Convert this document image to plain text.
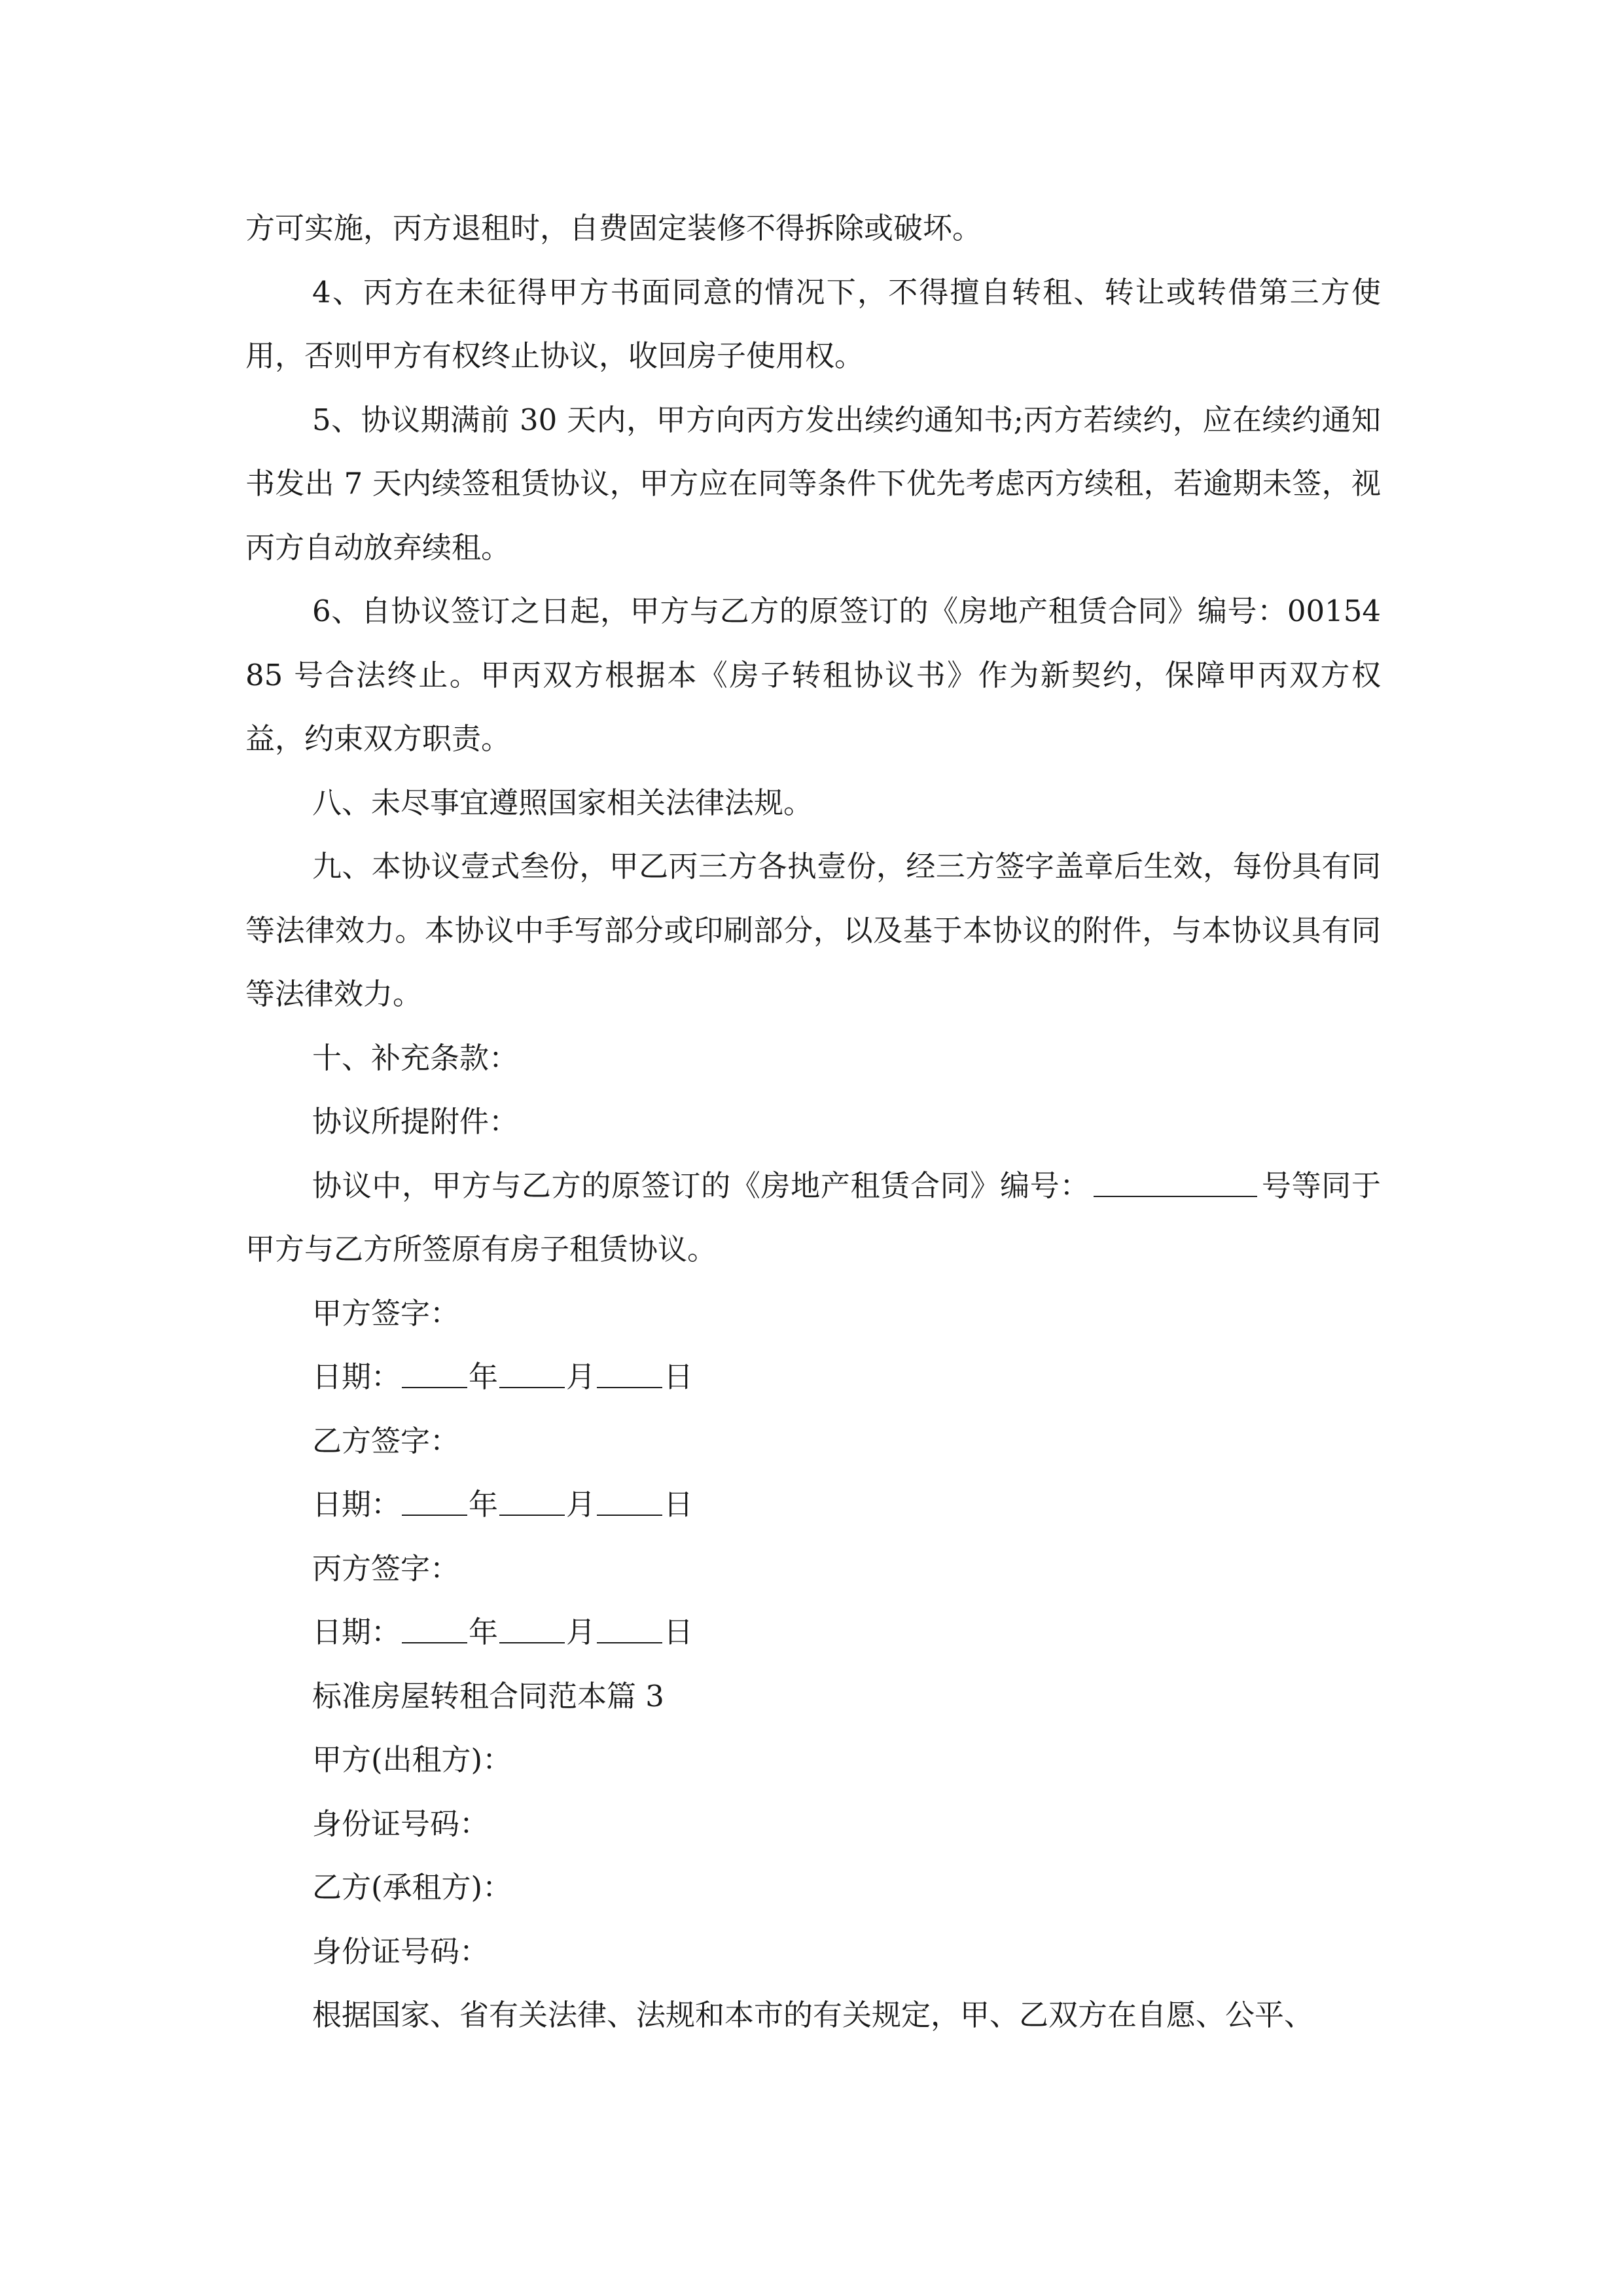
方可实施，丙方退租时，自费固定装修不得拆除或破坏。

4、丙方在未征得甲方书面同意的情况下，不得擅自转租、转让或转借第三方使用，否则甲方有权终止协议，收回房子使用权。

5、协议期满前 30 天内，甲方向丙方发出续约通知书;丙方若续约，应在续约通知书发出 7 天内续签租赁协议，甲方应在同等条件下优先考虑丙方续租，若逾期未签，视丙方自动放弃续租。

6、自协议签订之日起，甲方与乙方的原签订的《房地产租赁合同》编号：0015485 号合法终止。甲丙双方根据本《房子转租协议书》作为新契约，保障甲丙双方权益，约束双方职责。

八、未尽事宜遵照国家相关法律法规。

九、本协议壹式叁份，甲乙丙三方各执壹份，经三方签字盖章后生效，每份具有同等法律效力。本协议中手写部分或印刷部分，以及基于本协议的附件，与本协议具有同等法律效力。

十、补充条款：

协议所提附件：

协议中，甲方与乙方的原签订的《房地产租赁合同》编号：	号等同于甲方与乙方所签原有房子租赁协议。

甲方签字：

日期： 年 月 日

乙方签字：

日期： 年 月 日

丙方签字：

日期： 年 月 日

标准房屋转租合同范本篇 3

甲方(出租方)：

身份证号码：

乙方(承租方)：

身份证号码：

根据国家、省有关法律、法规和本市的有关规定，甲、乙双方在自愿、公平、
